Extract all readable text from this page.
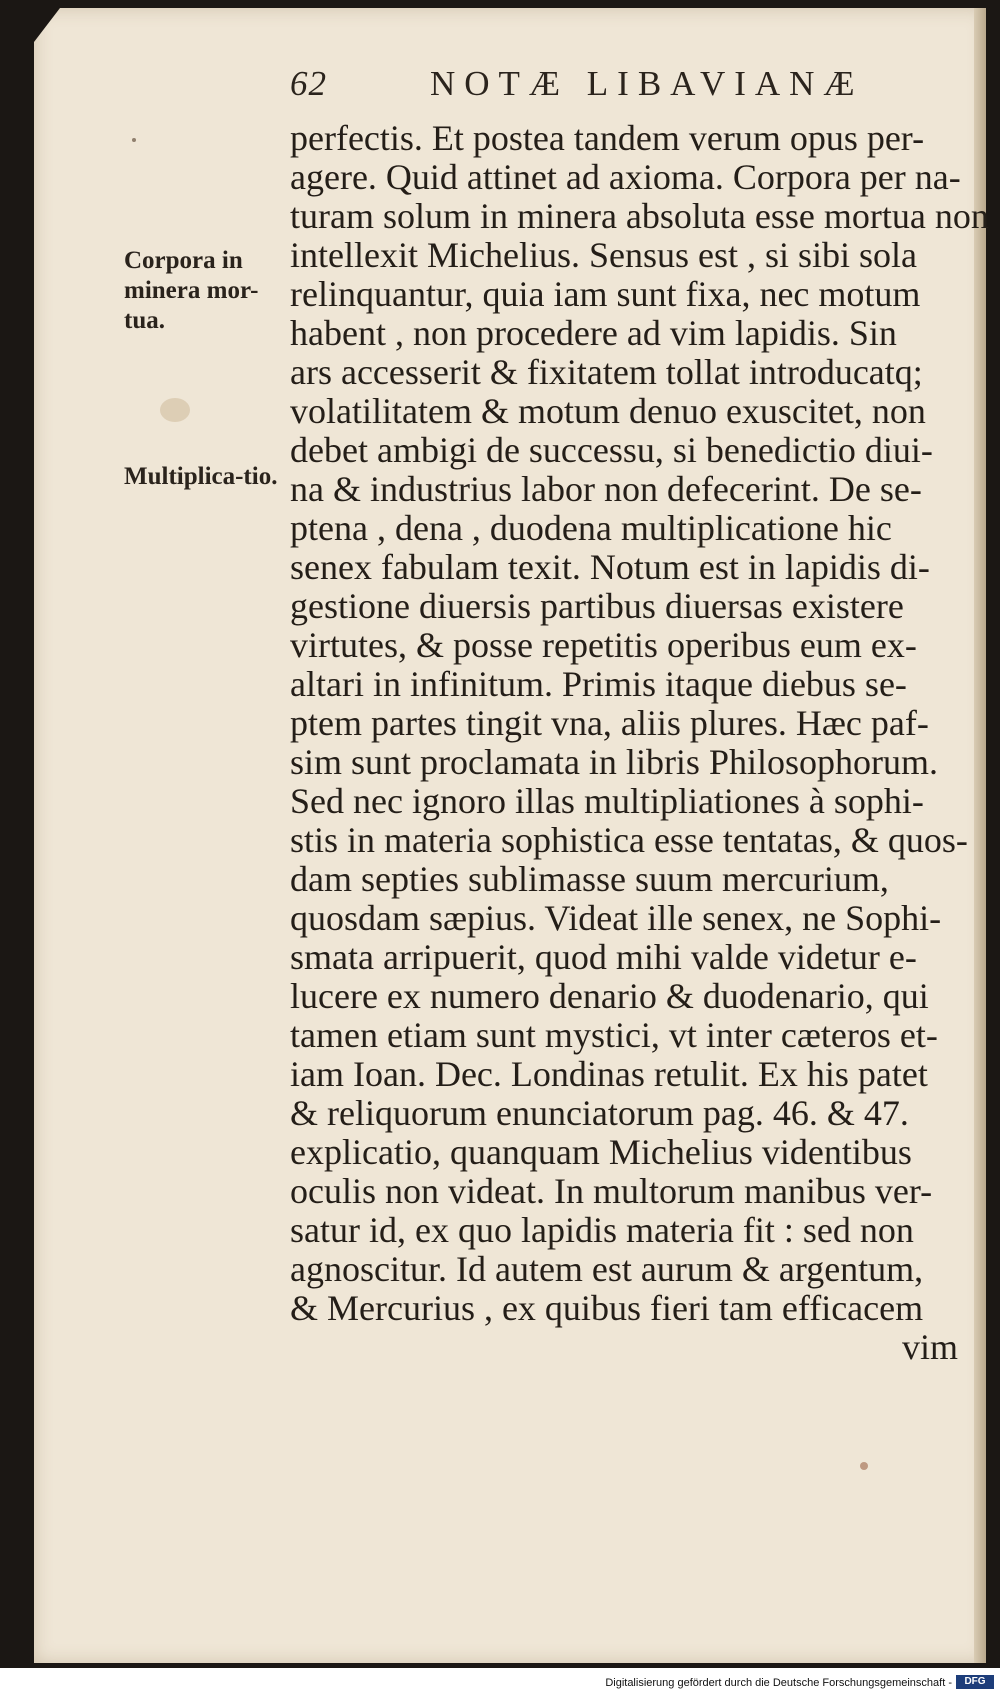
62	NOTÆ LIBAVIANÆ
Corpora in minera mor-tua.
Multiplica-tio.
perfectis. Et postea tandem verum opus per-
agere. Quid attinet ad axioma. Corpora per na-
turam solum in minera absoluta esse mortua non
intellexit Michelius. Sensus est , si sibi sola
relinquantur, quia iam sunt fixa, nec motum
habent , non procedere ad vim lapidis. Sin
ars accesserit & fixitatem tollat introducatq;
volatilitatem & motum denuo exuscitet, non
debet ambigi de successu, si benedictio diui-
na & industrius labor non defecerint. De se-
ptena , dena , duodena multiplicatione hic
senex fabulam texit. Notum est in lapidis di-
gestione diuersis partibus diuersas existere
virtutes, & posse repetitis operibus eum ex-
altari in infinitum. Primis itaque diebus se-
ptem partes tingit vna, aliis plures. Hæc paf-
sim sunt proclamata in libris Philosophorum.
Sed nec ignoro illas multipliationes à sophi-
stis in materia sophistica esse tentatas, & quos-
dam septies sublimasse suum mercurium,
quosdam sæpius. Videat ille senex, ne Sophi-
smata arripuerit, quod mihi valde videtur e-
lucere ex numero denario & duodenario, qui
tamen etiam sunt mystici, vt inter cæteros et-
iam Ioan. Dec. Londinas retulit. Ex his patet
& reliquorum enunciatorum pag. 46. & 47.
explicatio, quanquam Michelius videntibus
oculis non videat. In multorum manibus ver-
satur id, ex quo lapidis materia fit : sed non
agnoscitur. Id autem est aurum & argentum,
& Mercurius , ex quibus fieri tam efficacem
vim
Digitalisierung gefördert durch die Deutsche Forschungsgemeinschaft -	DFG
